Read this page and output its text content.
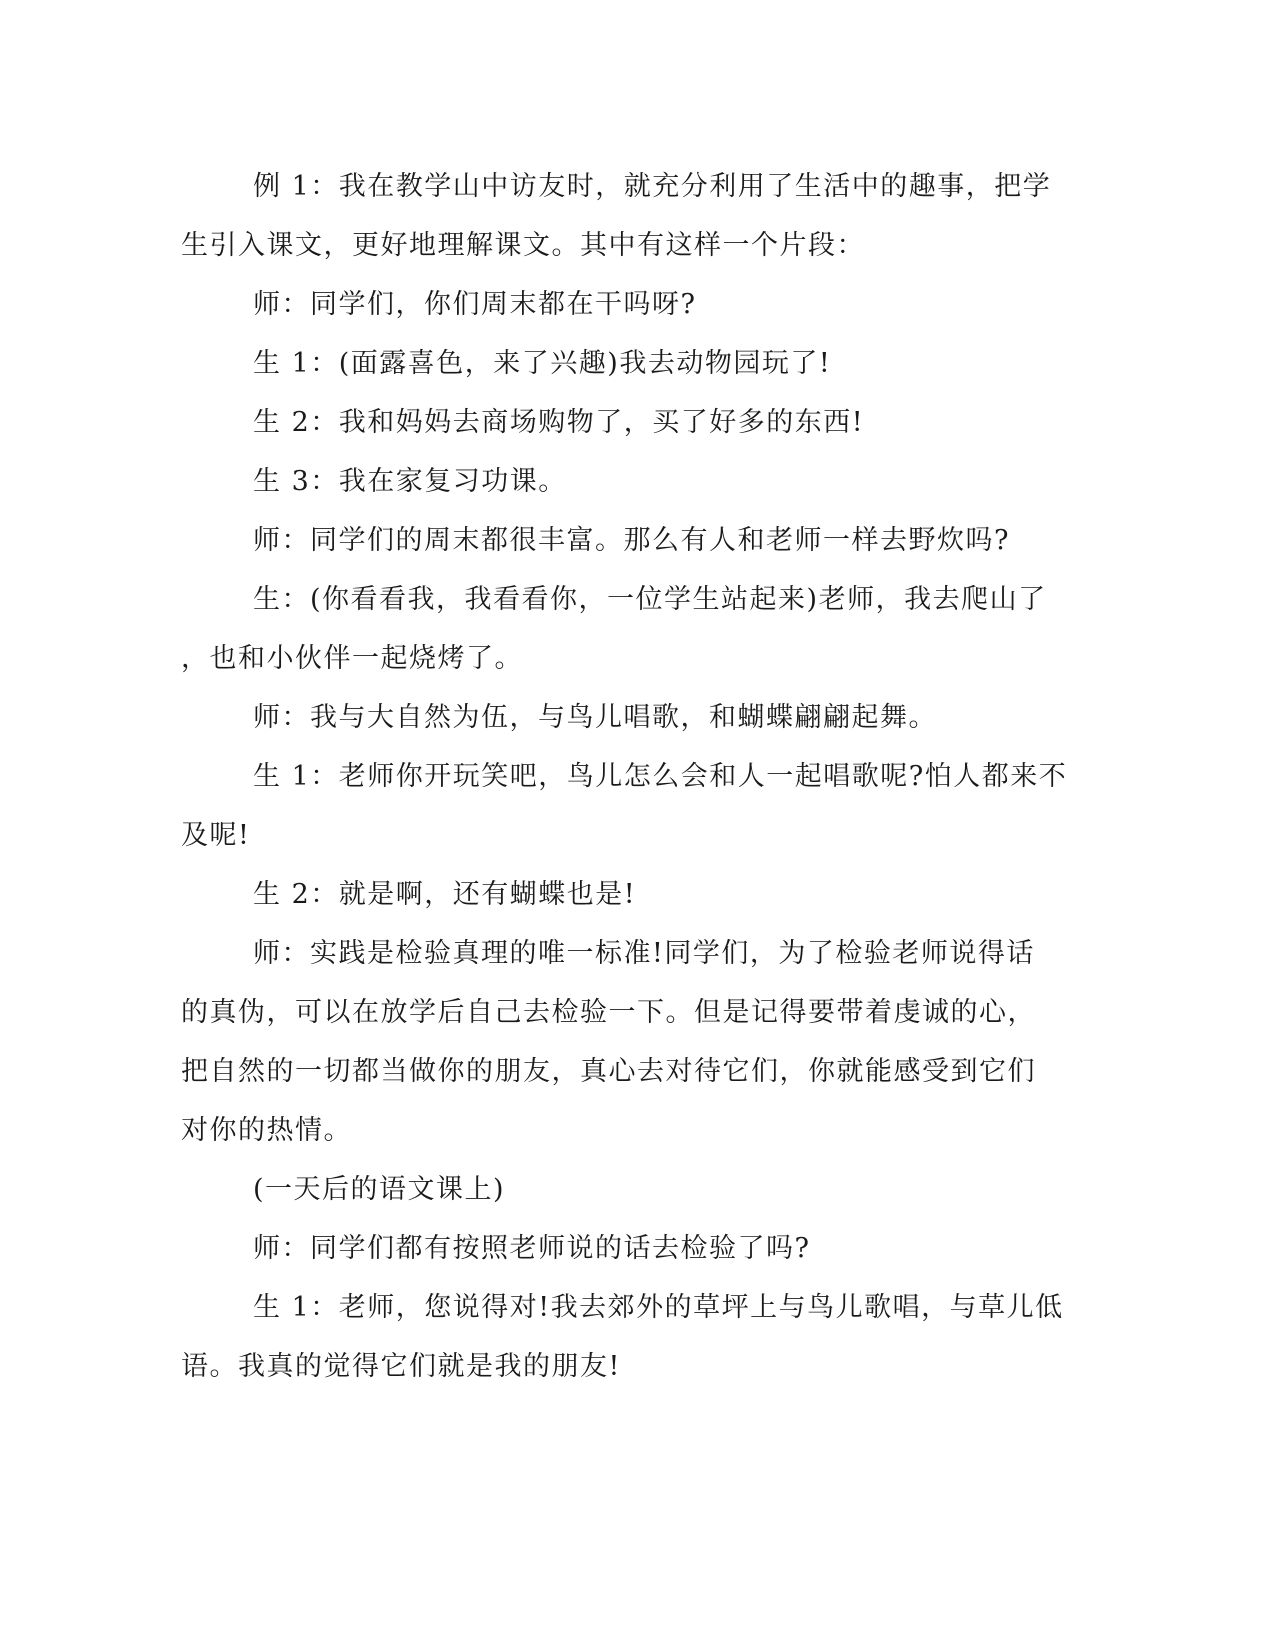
例 1：我在教学山中访友时，就充分利用了生活中的趣事，把学
生引入课文，更好地理解课文。其中有这样一个片段：

师：同学们，你们周末都在干吗呀?

生 1：(面露喜色，来了兴趣)我去动物园玩了!

生 2：我和妈妈去商场购物了，买了好多的东西!

生 3：我在家复习功课。

师：同学们的周末都很丰富。那么有人和老师一样去野炊吗?

生：(你看看我，我看看你，一位学生站起来)老师，我去爬山了
，也和小伙伴一起烧烤了。

师：我与大自然为伍，与鸟儿唱歌，和蝴蝶翩翩起舞。

生 1：老师你开玩笑吧，鸟儿怎么会和人一起唱歌呢?怕人都来不
及呢!

生 2：就是啊，还有蝴蝶也是!

师：实践是检验真理的唯一标准!同学们，为了检验老师说得话
的真伪，可以在放学后自己去检验一下。但是记得要带着虔诚的心，
把自然的一切都当做你的朋友，真心去对待它们，你就能感受到它们
对你的热情。

(一天后的语文课上)

师：同学们都有按照老师说的话去检验了吗?

生 1：老师，您说得对!我去郊外的草坪上与鸟儿歌唱，与草儿低
语。我真的觉得它们就是我的朋友!
